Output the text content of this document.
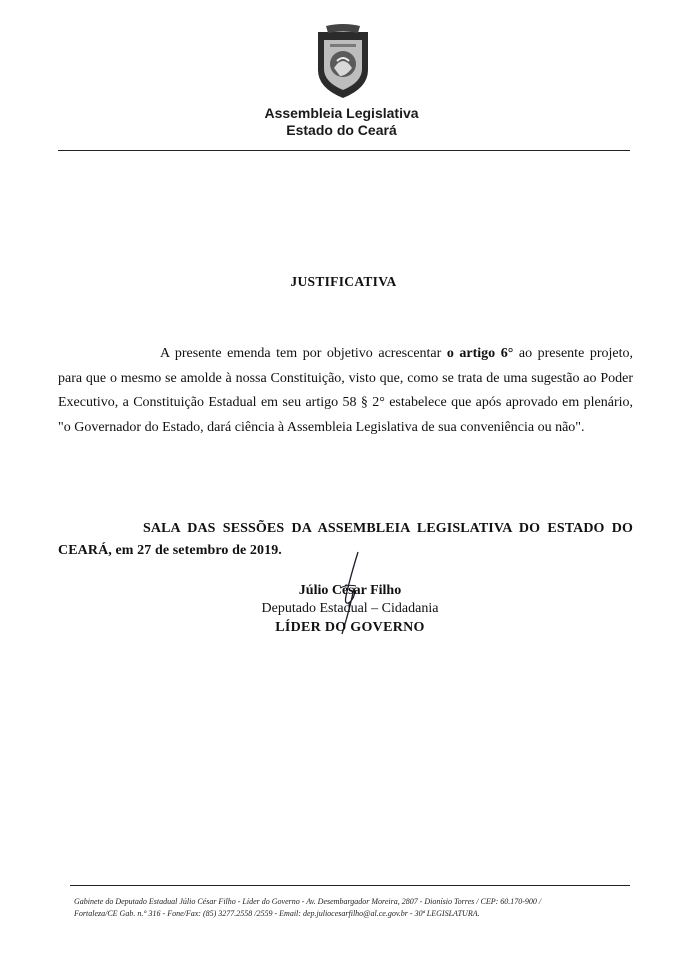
Assembleia Legislativa
Estado do Ceará
JUSTIFICATIVA
A presente emenda tem por objetivo acrescentar o artigo 6° ao presente projeto, para que o mesmo se amolde à nossa Constituição, visto que, como se trata de uma sugestão ao Poder Executivo, a Constituição Estadual em seu artigo 58 § 2° estabelece que após aprovado em plenário, "o Governador do Estado, dará ciência à Assembleia Legislativa de sua conveniência ou não".
SALA DAS SESSÕES DA ASSEMBLEIA LEGISLATIVA DO ESTADO DO CEARÁ, em 27 de setembro de 2019.
Júlio César Filho
Deputado Estadual – Cidadania
LÍDER DO GOVERNO
Gabinete do Deputado Estadual Júlio César Filho - Líder do Governo - Av. Desembargador Moreira, 2807 - Dionísio Torres / CEP: 60.170-900 /
Fortaleza/CE Gab. n.° 316 - Fone/Fax: (85) 3277.2558 /2559 - Email: dep.juliocesarfilho@al.ce.gov.br - 30ª LEGISLATURA.
